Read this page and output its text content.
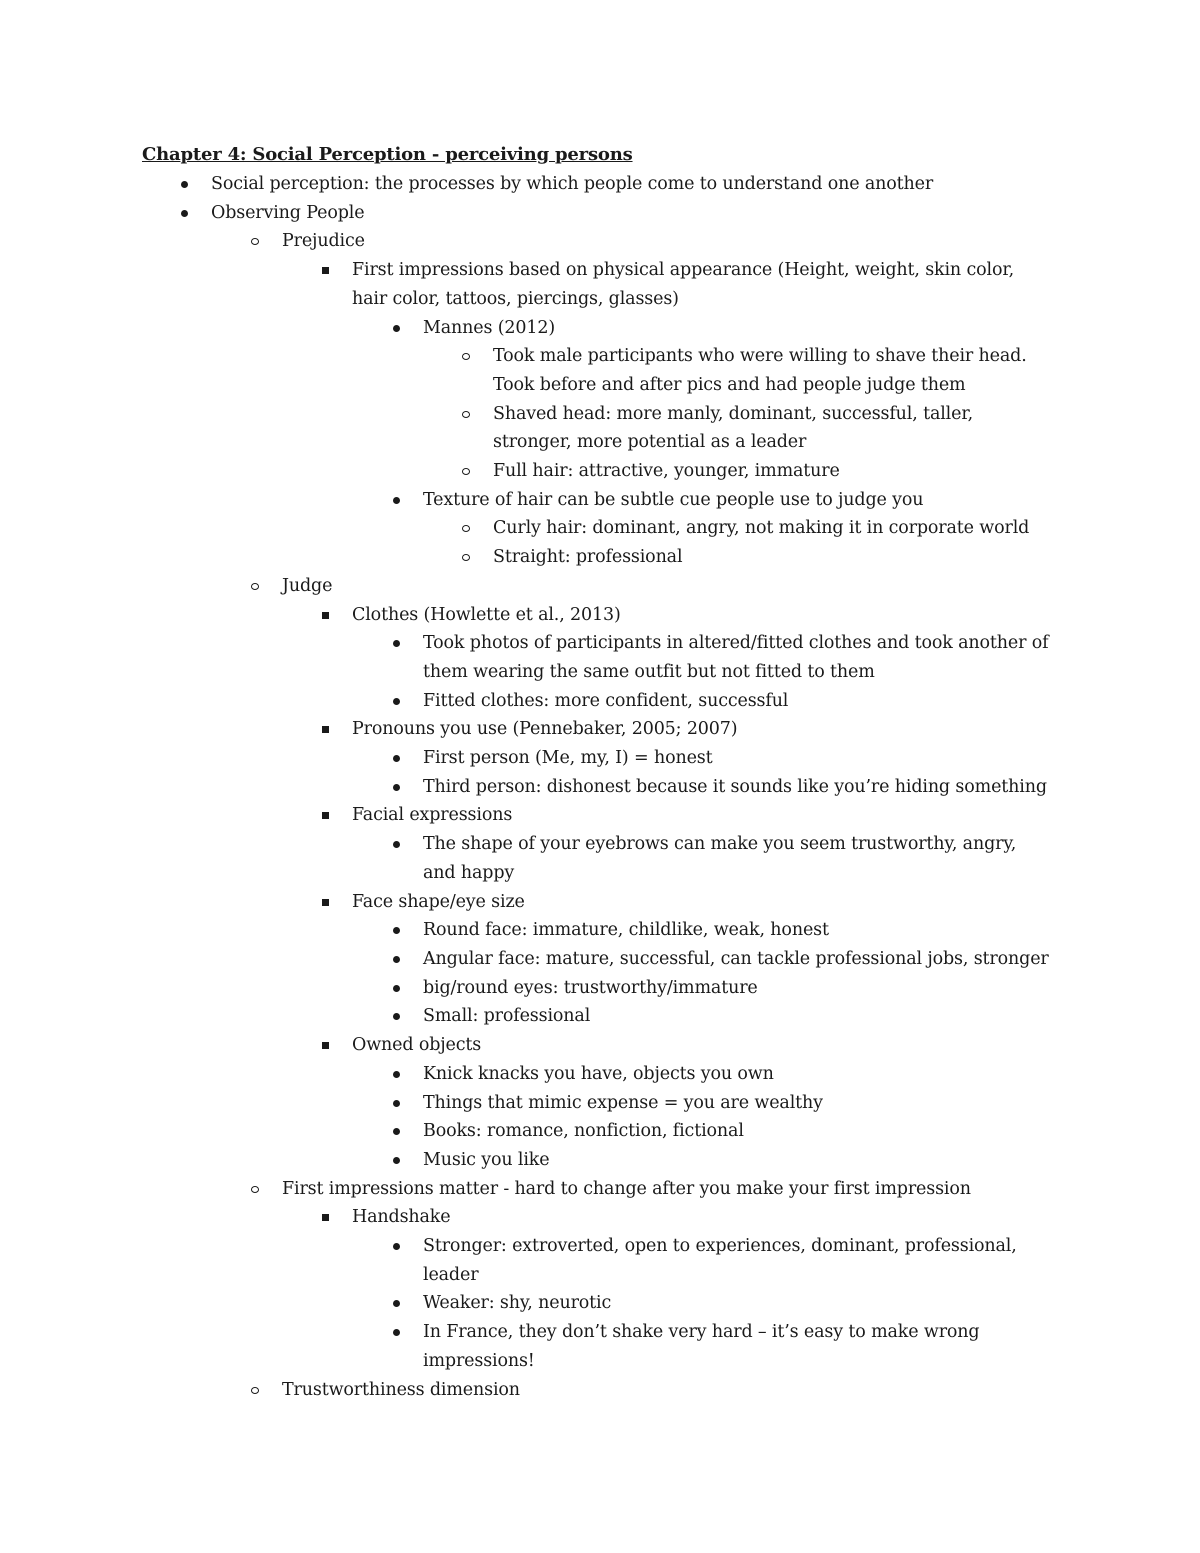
Chapter 4: Social Perception - perceiving persons
Social perception: the processes by which people come to understand one another
Observing People
Prejudice
First impressions based on physical appearance (Height, weight, skin color, hair color, tattoos, piercings, glasses)
Mannes (2012)
Took male participants who were willing to shave their head. Took before and after pics and had people judge them
Shaved head: more manly, dominant, successful, taller, stronger, more potential as a leader
Full hair: attractive, younger, immature
Texture of hair can be subtle cue people use to judge you
Curly hair: dominant, angry, not making it in corporate world
Straight: professional
Judge
Clothes (Howlette et al., 2013)
Took photos of participants in altered/fitted clothes and took another of them wearing the same outfit but not fitted to them
Fitted clothes: more confident, successful
Pronouns you use (Pennebaker, 2005; 2007)
First person (Me, my, I) = honest
Third person: dishonest because it sounds like you’re hiding something
Facial expressions
The shape of your eyebrows can make you seem trustworthy, angry, and happy
Face shape/eye size
Round face: immature, childlike, weak, honest
Angular face: mature, successful, can tackle professional jobs, stronger
big/round eyes: trustworthy/immature
Small: professional
Owned objects
Knick knacks you have, objects you own
Things that mimic expense = you are wealthy
Books: romance, nonfiction, fictional
Music you like
First impressions matter - hard to change after you make your first impression
Handshake
Stronger: extroverted, open to experiences, dominant, professional, leader
Weaker: shy, neurotic
In France, they don’t shake very hard – it’s easy to make wrong impressions!
Trustworthiness dimension
